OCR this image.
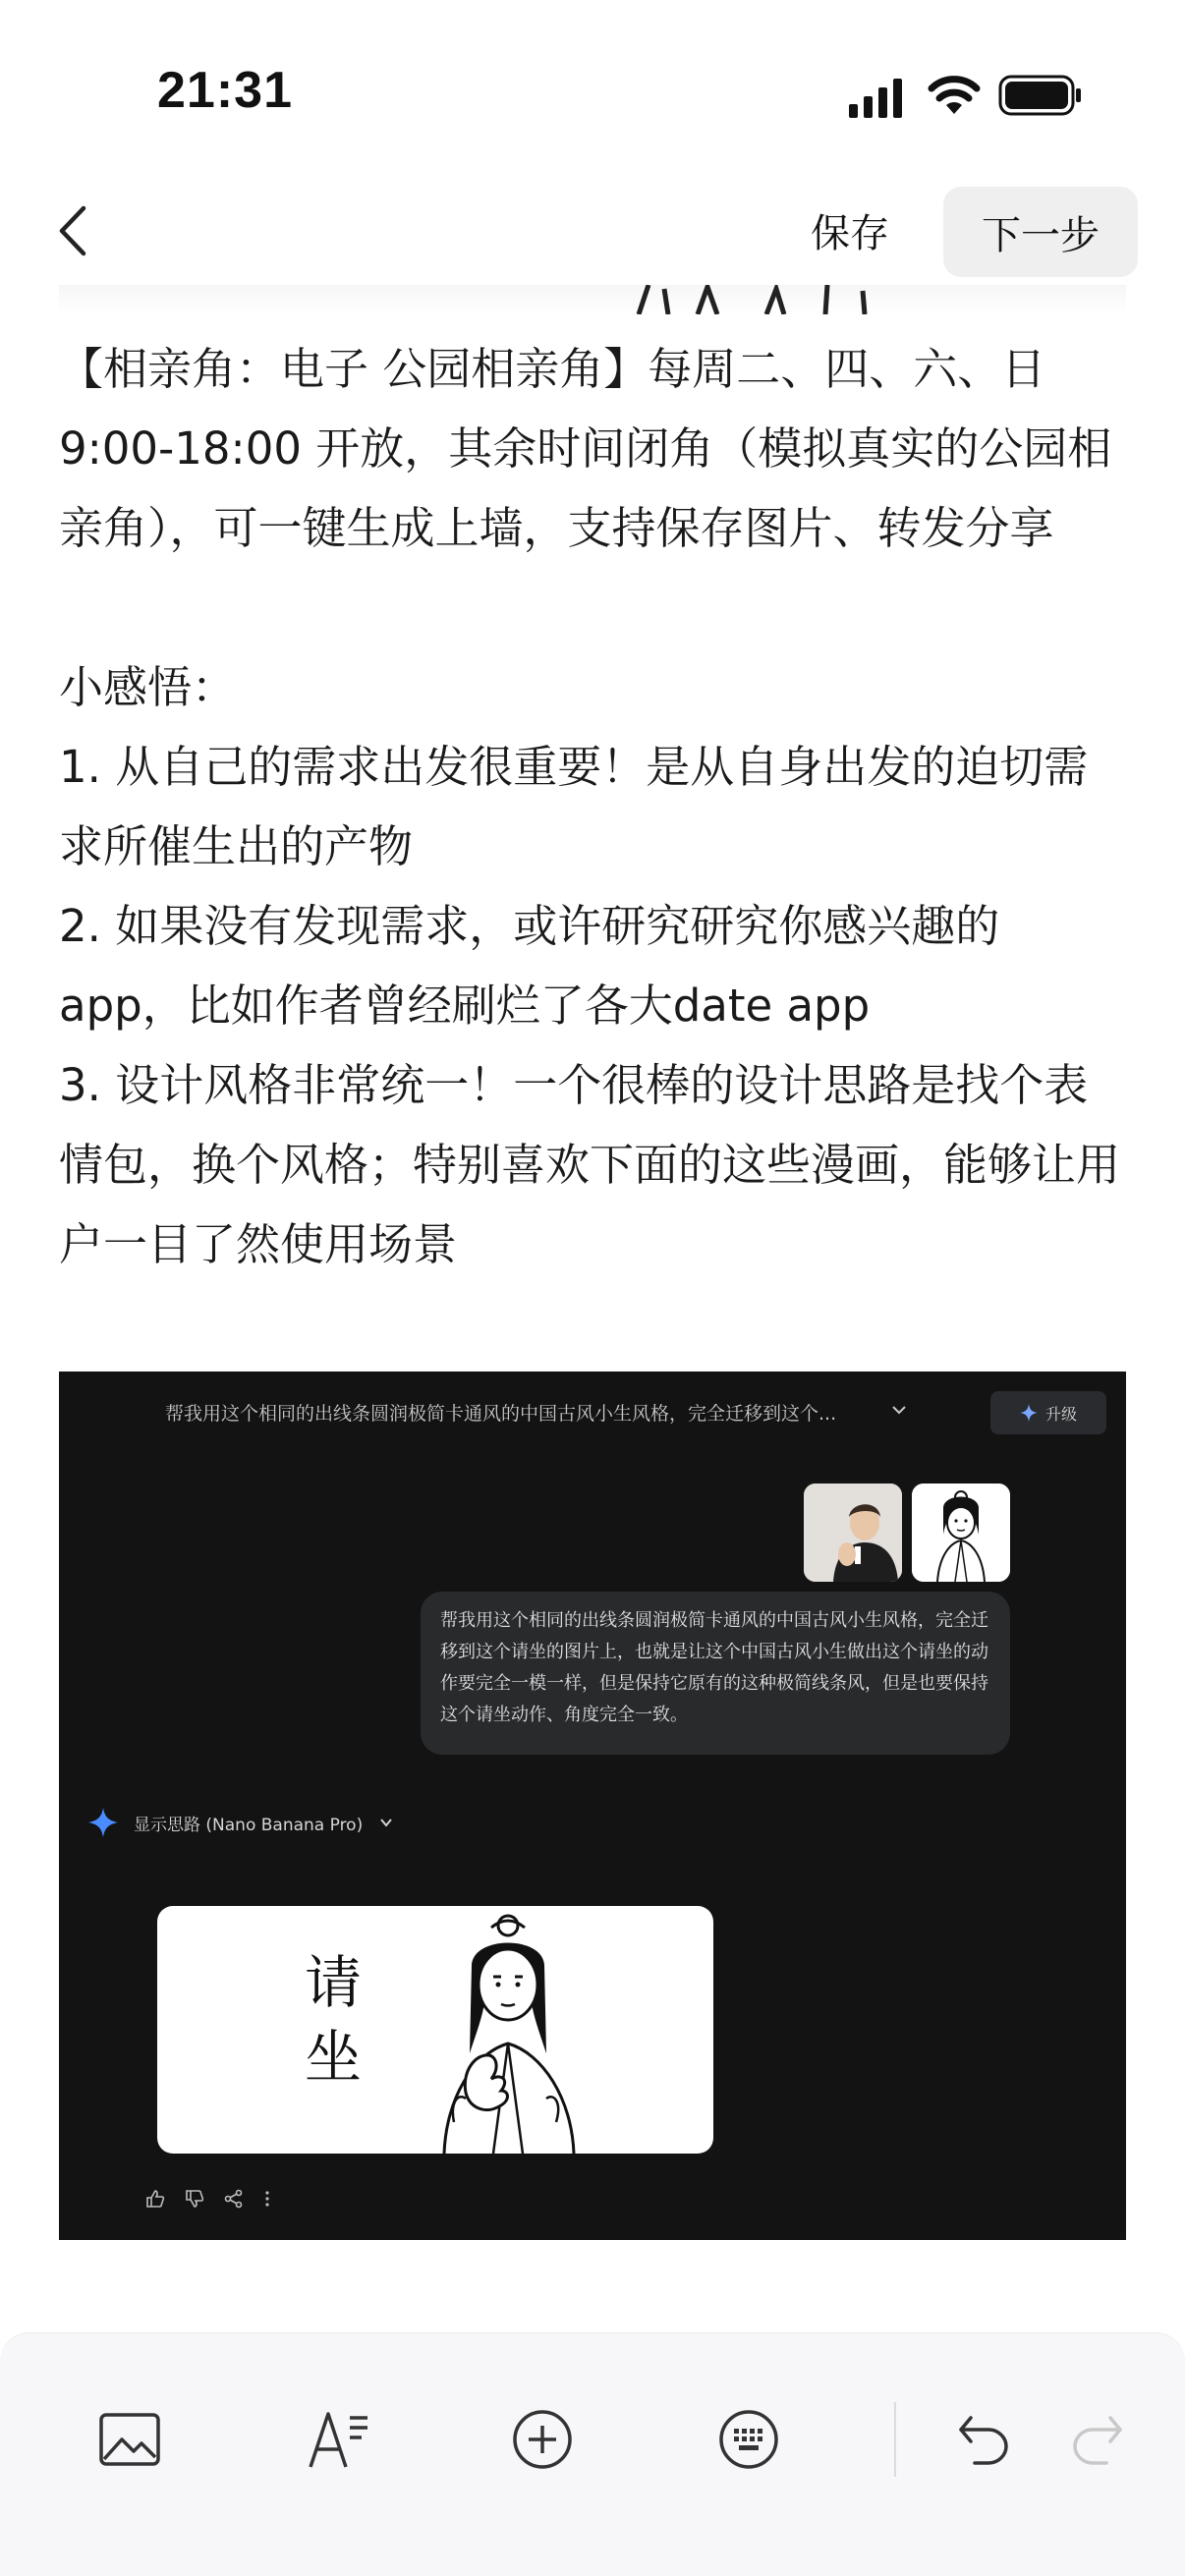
21:31
保存	下一步

【相亲角：电子 公园相亲角】每周二、四、六、日 9:00-18:00 开放，其余时间闭角（模拟真实的公园相亲角），可一键生成上墙，支持保存图片、转发分享

小感悟：

1. 从自己的需求出发很重要！是从自身出发的迫切需求所催生出的产物

2. 如果没有发现需求，或许研究研究你感兴趣的 app，比如作者曾经刷烂了各大date app

3. 设计风格非常统一！一个很棒的设计思路是找个表情包，换个风格；特别喜欢下面的这些漫画，能够让用户一目了然使用场景

帮我用这个相同的出线条圆润极简卡通风的中国古风小生风格，完全迁移到这个...	升级
帮我用这个相同的出线条圆润极简卡通风的中国古风小生风格，完全迁移到这个请坐的图片上，也就是让这个中国古风小生做出这个请坐的动作要完全一模一样，但是保持它原有的这种极简线条风，但是也要保持这个请坐动作、角度完全一致。
显示思路 (Nano Banana Pro)
请
坐
